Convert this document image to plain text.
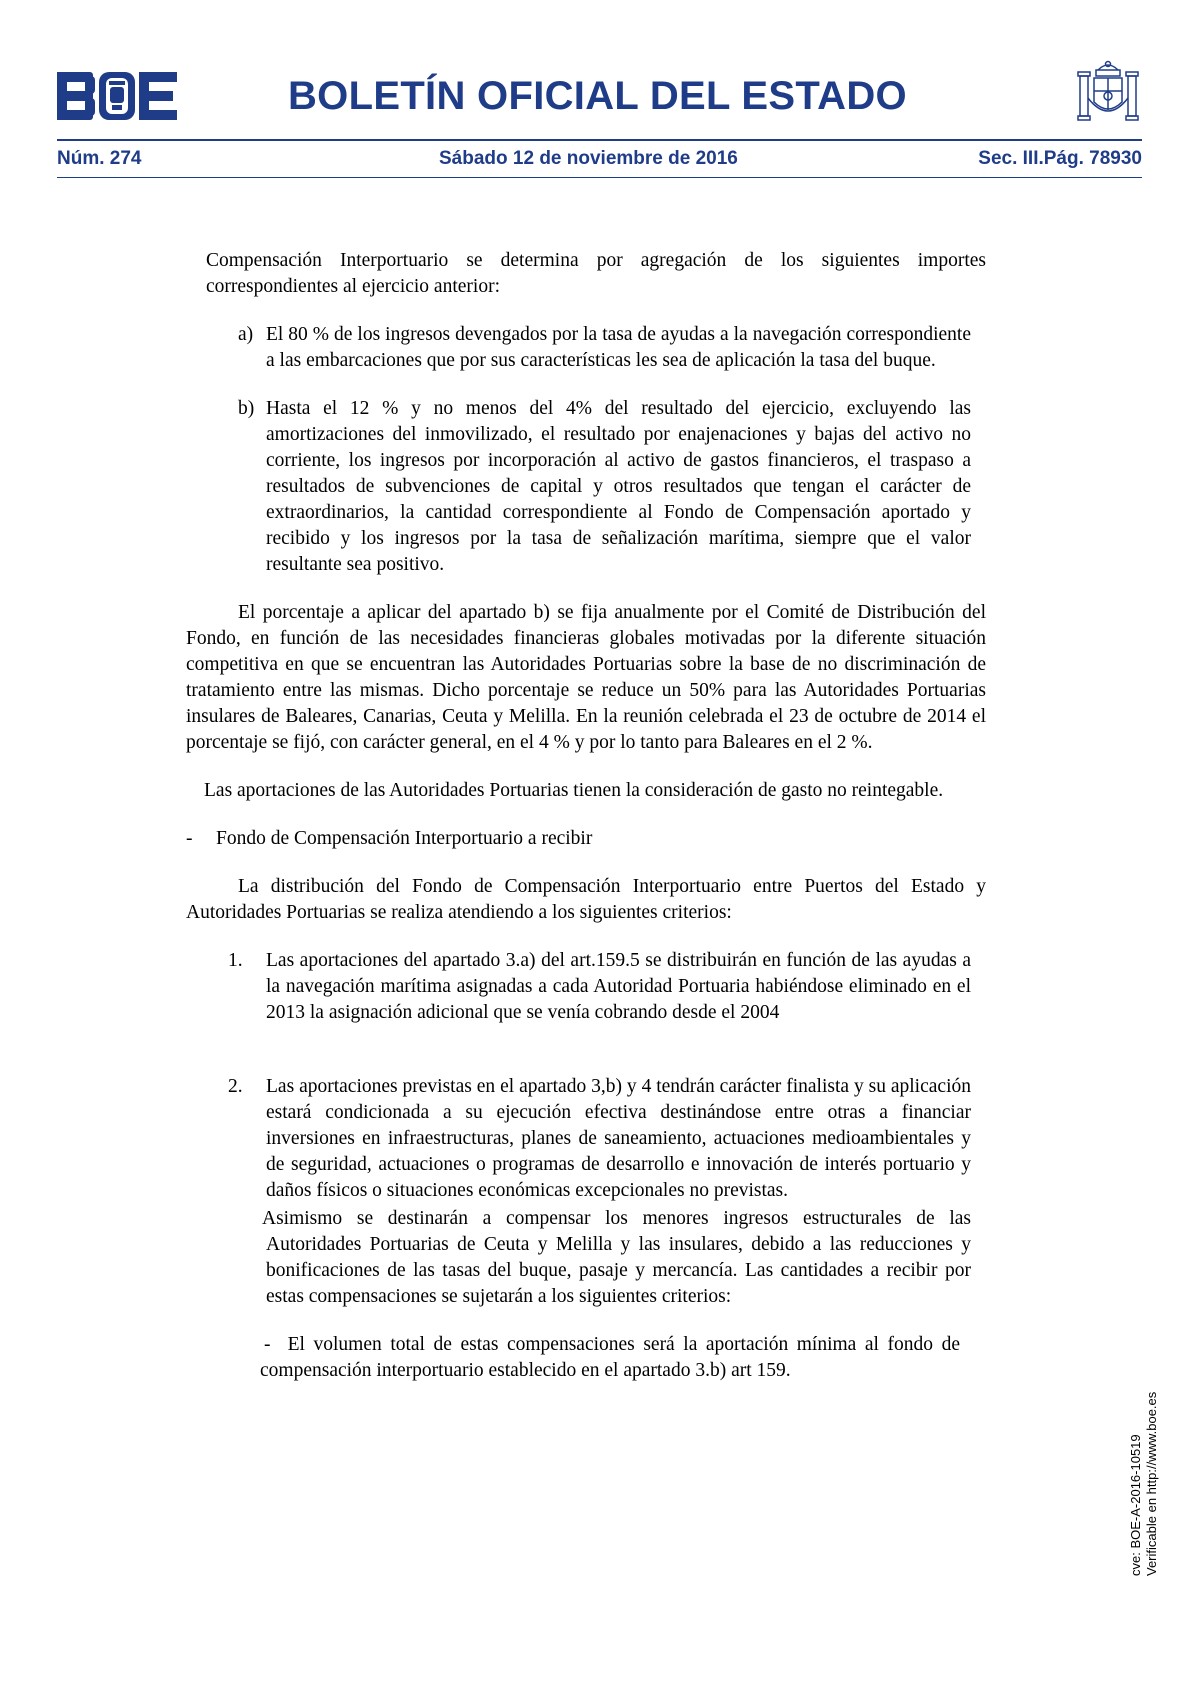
BOLETÍN OFICIAL DEL ESTADO
Núm. 274	Sábado 12 de noviembre de 2016	Sec. III.
Pág. 78930
cve: BOE-A-2016-10519 Verificable en http://www.boe.es

Compensación Interportuario se determina por agregación de los siguientes importes correspondientes al ejercicio anterior:

a) El 80 % de los ingresos devengados por la tasa de ayudas a la navegación correspondiente a las embarcaciones que por sus características les sea de aplicación la tasa del buque.

b) Hasta el 12 % y no menos del 4% del resultado del ejercicio, excluyendo las amortizaciones del inmovilizado, el resultado por enajenaciones y bajas del activo no corriente, los ingresos por incorporación al activo de gastos financieros, el traspaso a resultados de subvenciones de capital y otros resultados que tengan el carácter de extraordinarios, la cantidad correspondiente al Fondo de Compensación aportado y recibido y los ingresos por la tasa de señalización marítima, siempre que el valor resultante sea positivo.

El porcentaje a aplicar del apartado b) se fija anualmente por el Comité de Distribución del Fondo, en función de las necesidades financieras globales motivadas por la diferente situación competitiva en que se encuentran las Autoridades Portuarias sobre la base de no discriminación de tratamiento entre las mismas. Dicho porcentaje se reduce un 50% para las Autoridades Portuarias insulares de Baleares, Canarias, Ceuta y Melilla. En la reunión celebrada el 23 de octubre de 2014 el porcentaje se fijó, con carácter general, en el 4 % y por lo tanto para Baleares en el 2 %.

Las aportaciones de las Autoridades Portuarias tienen la consideración de gasto no reintegable.

- Fondo de Compensación Interportuario a recibir

La distribución del Fondo de Compensación Interportuario entre Puertos del Estado y Autoridades Portuarias se realiza atendiendo a los siguientes criterios:

1. Las aportaciones del apartado 3.a) del art.159.5 se distribuirán en función de las ayudas a la navegación marítima asignadas a cada Autoridad Portuaria habiéndose eliminado en el 2013 la asignación adicional que se venía cobrando desde el 2004

2. Las aportaciones previstas en el apartado 3,b) y 4 tendrán carácter finalista y su aplicación estará condicionada a su ejecución efectiva destinándose entre otras a financiar inversiones en infraestructuras, planes de saneamiento, actuaciones medioambientales y de seguridad, actuaciones o programas de desarrollo e innovación de interés portuario y daños físicos o situaciones económicas excepcionales no previstas.

Asimismo se destinarán a compensar los menores ingresos estructurales de las Autoridades Portuarias de Ceuta y Melilla y las insulares, debido a las reducciones y bonificaciones de las tasas del buque, pasaje y mercancía. Las cantidades a recibir por estas compensaciones se sujetarán a los siguientes criterios:

- El volumen total de estas compensaciones será la aportación mínima al fondo de compensación interportuario establecido en el apartado 3.b) art 159.
